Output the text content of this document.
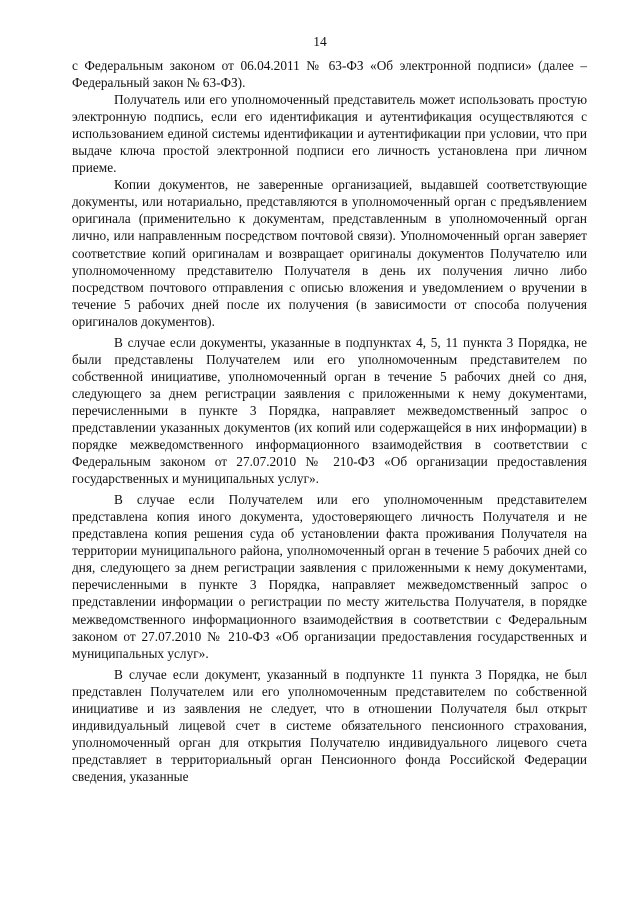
14

с Федеральным законом от 06.04.2011 № 63-ФЗ «Об электронной подписи» (далее – Федеральный закон № 63-ФЗ).

Получатель или его уполномоченный представитель может использовать простую электронную подпись, если его идентификация и аутентификация осуществляются с использованием единой системы идентификации и аутентификации при условии, что при выдаче ключа простой электронной подписи его личность установлена при личном приеме.

Копии документов, не заверенные организацией, выдавшей соответствующие документы, или нотариально, представляются в уполномоченный орган с предъявлением оригинала (применительно к документам, представленным в уполномоченный орган лично, или направленным посредством почтовой связи). Уполномоченный орган заверяет соответствие копий оригиналам и возвращает оригиналы документов Получателю или уполномоченному представителю Получателя в день их получения лично либо посредством почтового отправления с описью вложения и уведомлением о вручении в течение 5 рабочих дней после их получения (в зависимости от способа получения оригиналов документов).

В случае если документы, указанные в подпунктах 4, 5, 11 пункта 3 Порядка, не были представлены Получателем или его уполномоченным представителем по собственной инициативе, уполномоченный орган в течение 5 рабочих дней со дня, следующего за днем регистрации заявления с приложенными к нему документами, перечисленными в пункте 3 Порядка, направляет межведомственный запрос о представлении указанных документов (их копий или содержащейся в них информации) в порядке межведомственного информационного взаимодействия в соответствии с Федеральным законом от 27.07.2010 № 210-ФЗ «Об организации предоставления государственных и муниципальных услуг».

В случае если Получателем или его уполномоченным представителем представлена копия иного документа, удостоверяющего личность Получателя и не представлена копия решения суда об установлении факта проживания Получателя на территории муниципального района, уполномоченный орган в течение 5 рабочих дней со дня, следующего за днем регистрации заявления с приложенными к нему документами, перечисленными в пункте 3 Порядка, направляет межведомственный запрос о представлении информации о регистрации по месту жительства Получателя, в порядке межведомственного информационного взаимодействия в соответствии с Федеральным законом от 27.07.2010 № 210-ФЗ «Об организации предоставления государственных и муниципальных услуг».

В случае если документ, указанный в подпункте 11 пункта 3 Порядка, не был представлен Получателем или его уполномоченным представителем по собственной инициативе и из заявления не следует, что в отношении Получателя был открыт индивидуальный лицевой счет в системе обязательного пенсионного страхования, уполномоченный орган для открытия Получателю индивидуального лицевого счета представляет в территориальный орган Пенсионного фонда Российской Федерации сведения, указанные
